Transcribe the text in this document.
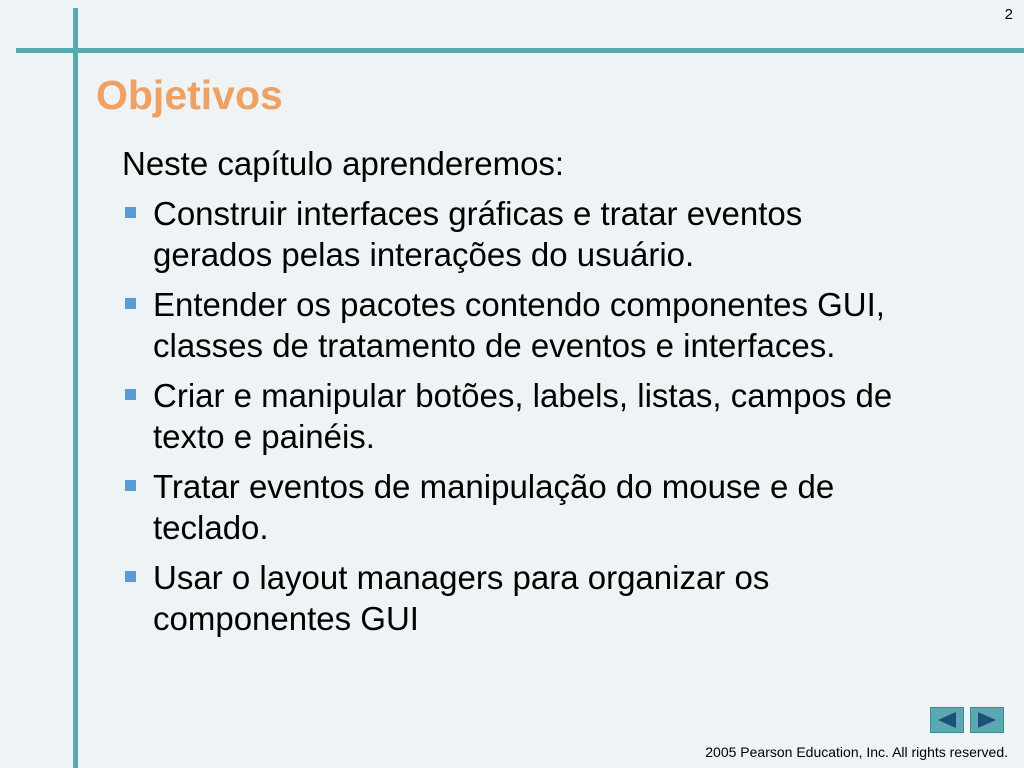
2
Objetivos

Neste capítulo aprenderemos:

Construir interfaces gráficas e tratar eventos gerados pelas interações do usuário.
Entender os pacotes contendo componentes GUI, classes de tratamento de eventos e interfaces.
Criar e manipular botões, labels, listas, campos de texto e painéis.
Tratar eventos de manipulação do mouse e de teclado.
Usar o layout managers para organizar os componentes GUI
2005 Pearson Education, Inc. All rights reserved.
